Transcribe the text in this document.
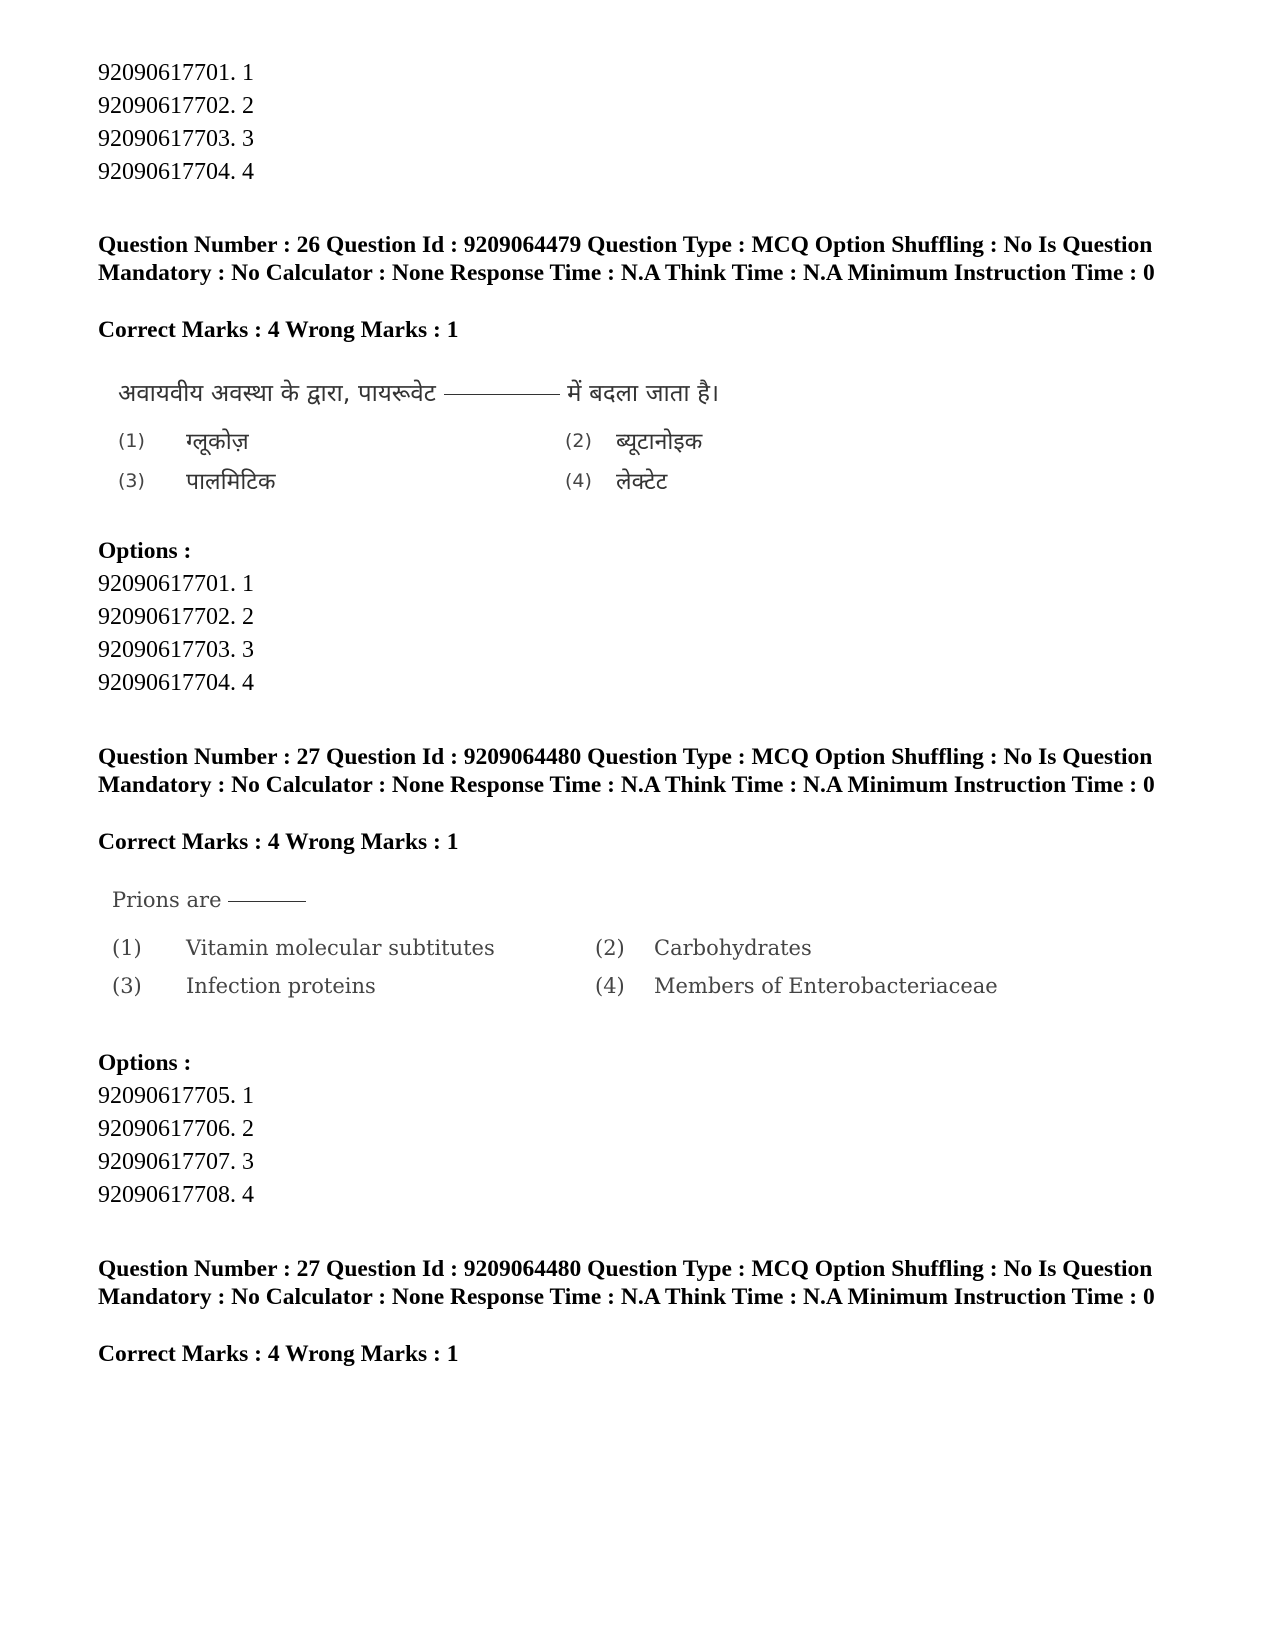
92090617701. 1
92090617702. 2
92090617703. 3
92090617704. 4
Question Number : 26 Question Id : 9209064479 Question Type : MCQ Option Shuffling : No Is Question Mandatory : No Calculator : None Response Time : N.A Think Time : N.A Minimum Instruction Time : 0
Correct Marks : 4 Wrong Marks : 1
अवायवीय अवस्था के द्वारा, पायरूवेट	में बदला जाता है।
(1) ग्लूकोज़	(2) ब्यूटानोइक
(3) पालमिटिक	(4) लेक्टेट
Options :
92090617701. 1
92090617702. 2
92090617703. 3
92090617704. 4
Question Number : 27 Question Id : 9209064480 Question Type : MCQ Option Shuffling : No Is Question Mandatory : No Calculator : None Response Time : N.A Think Time : N.A Minimum Instruction Time : 0
Correct Marks : 4 Wrong Marks : 1
Prions are
(1) Vitamin molecular subtitutes	(2) Carbohydrates
(3) Infection proteins	(4) Members of Enterobacteriaceae
Options :
92090617705. 1
92090617706. 2
92090617707. 3
92090617708. 4
Question Number : 27 Question Id : 9209064480 Question Type : MCQ Option Shuffling : No Is Question Mandatory : No Calculator : None Response Time : N.A Think Time : N.A Minimum Instruction Time : 0
Correct Marks : 4 Wrong Marks : 1
